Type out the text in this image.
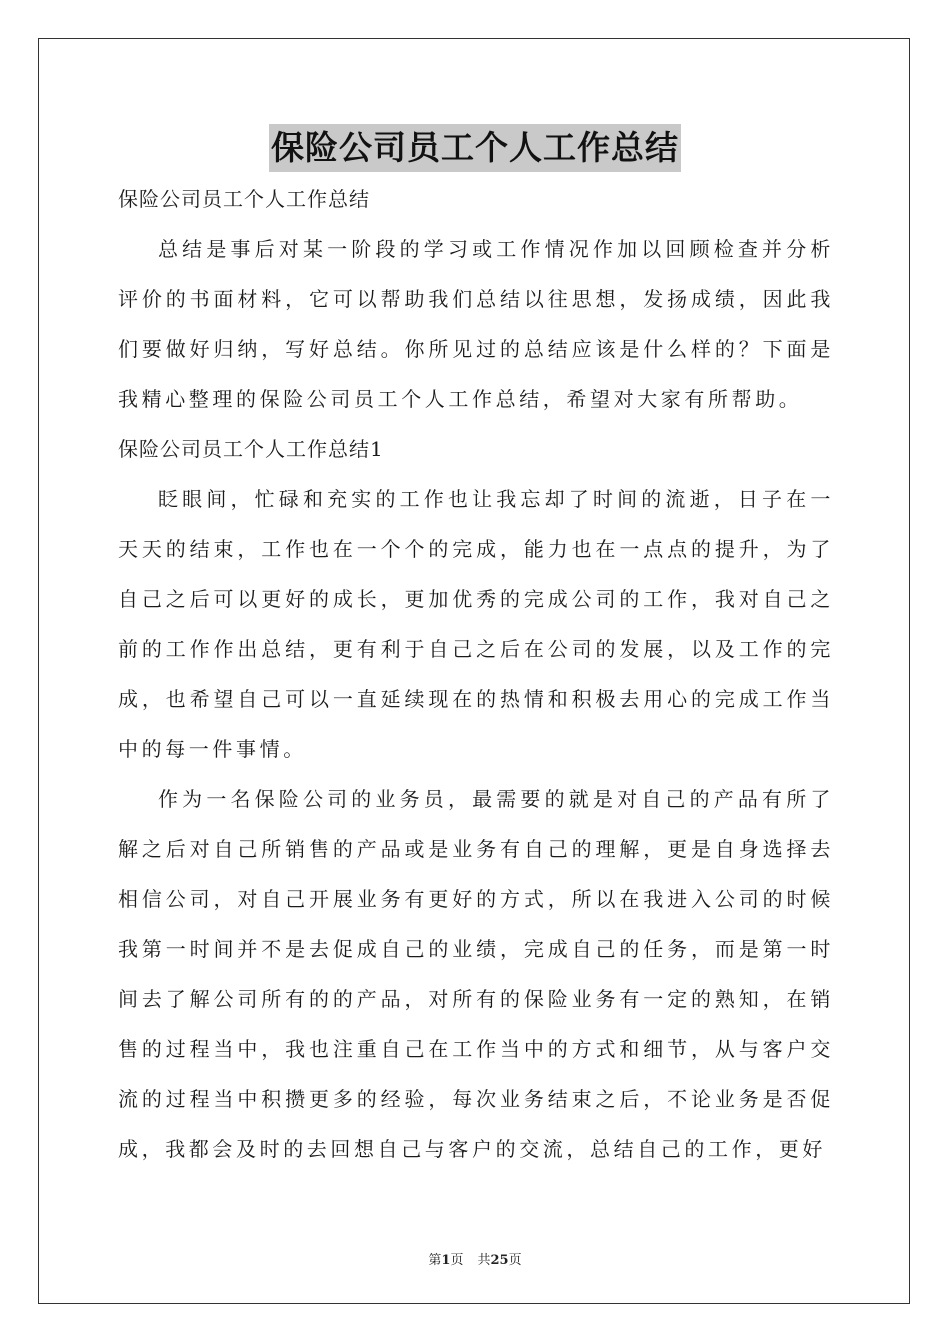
保险公司员工个人工作总结

保险公司员工个人工作总结

总结是事后对某一阶段的学习或工作情况作加以回顾检查并分析评价的书面材料，它可以帮助我们总结以往思想，发扬成绩，因此我们要做好归纳，写好总结。你所见过的总结应该是什么样的？下面是我精心整理的保险公司员工个人工作总结，希望对大家有所帮助。

保险公司员工个人工作总结1

眨眼间，忙碌和充实的工作也让我忘却了时间的流逝，日子在一天天的结束，工作也在一个个的完成，能力也在一点点的提升，为了自己之后可以更好的成长，更加优秀的完成公司的工作，我对自己之前的工作作出总结，更有利于自己之后在公司的发展，以及工作的完成，也希望自己可以一直延续现在的热情和积极去用心的完成工作当中的每一件事情。

作为一名保险公司的业务员，最需要的就是对自己的产品有所了解之后对自己所销售的产品或是业务有自己的理解，更是自身选择去相信公司，对自己开展业务有更好的方式，所以在我进入公司的时候我第一时间并不是去促成自己的业绩，完成自己的任务，而是第一时间去了解公司所有的的产品，对所有的保险业务有一定的熟知，在销售的过程当中，我也注重自己在工作当中的方式和细节，从与客户交流的过程当中积攒更多的经验，每次业务结束之后，不论业务是否促成，我都会及时的去回想自己与客户的交流，总结自己的工作，更好

第1页 共25页
